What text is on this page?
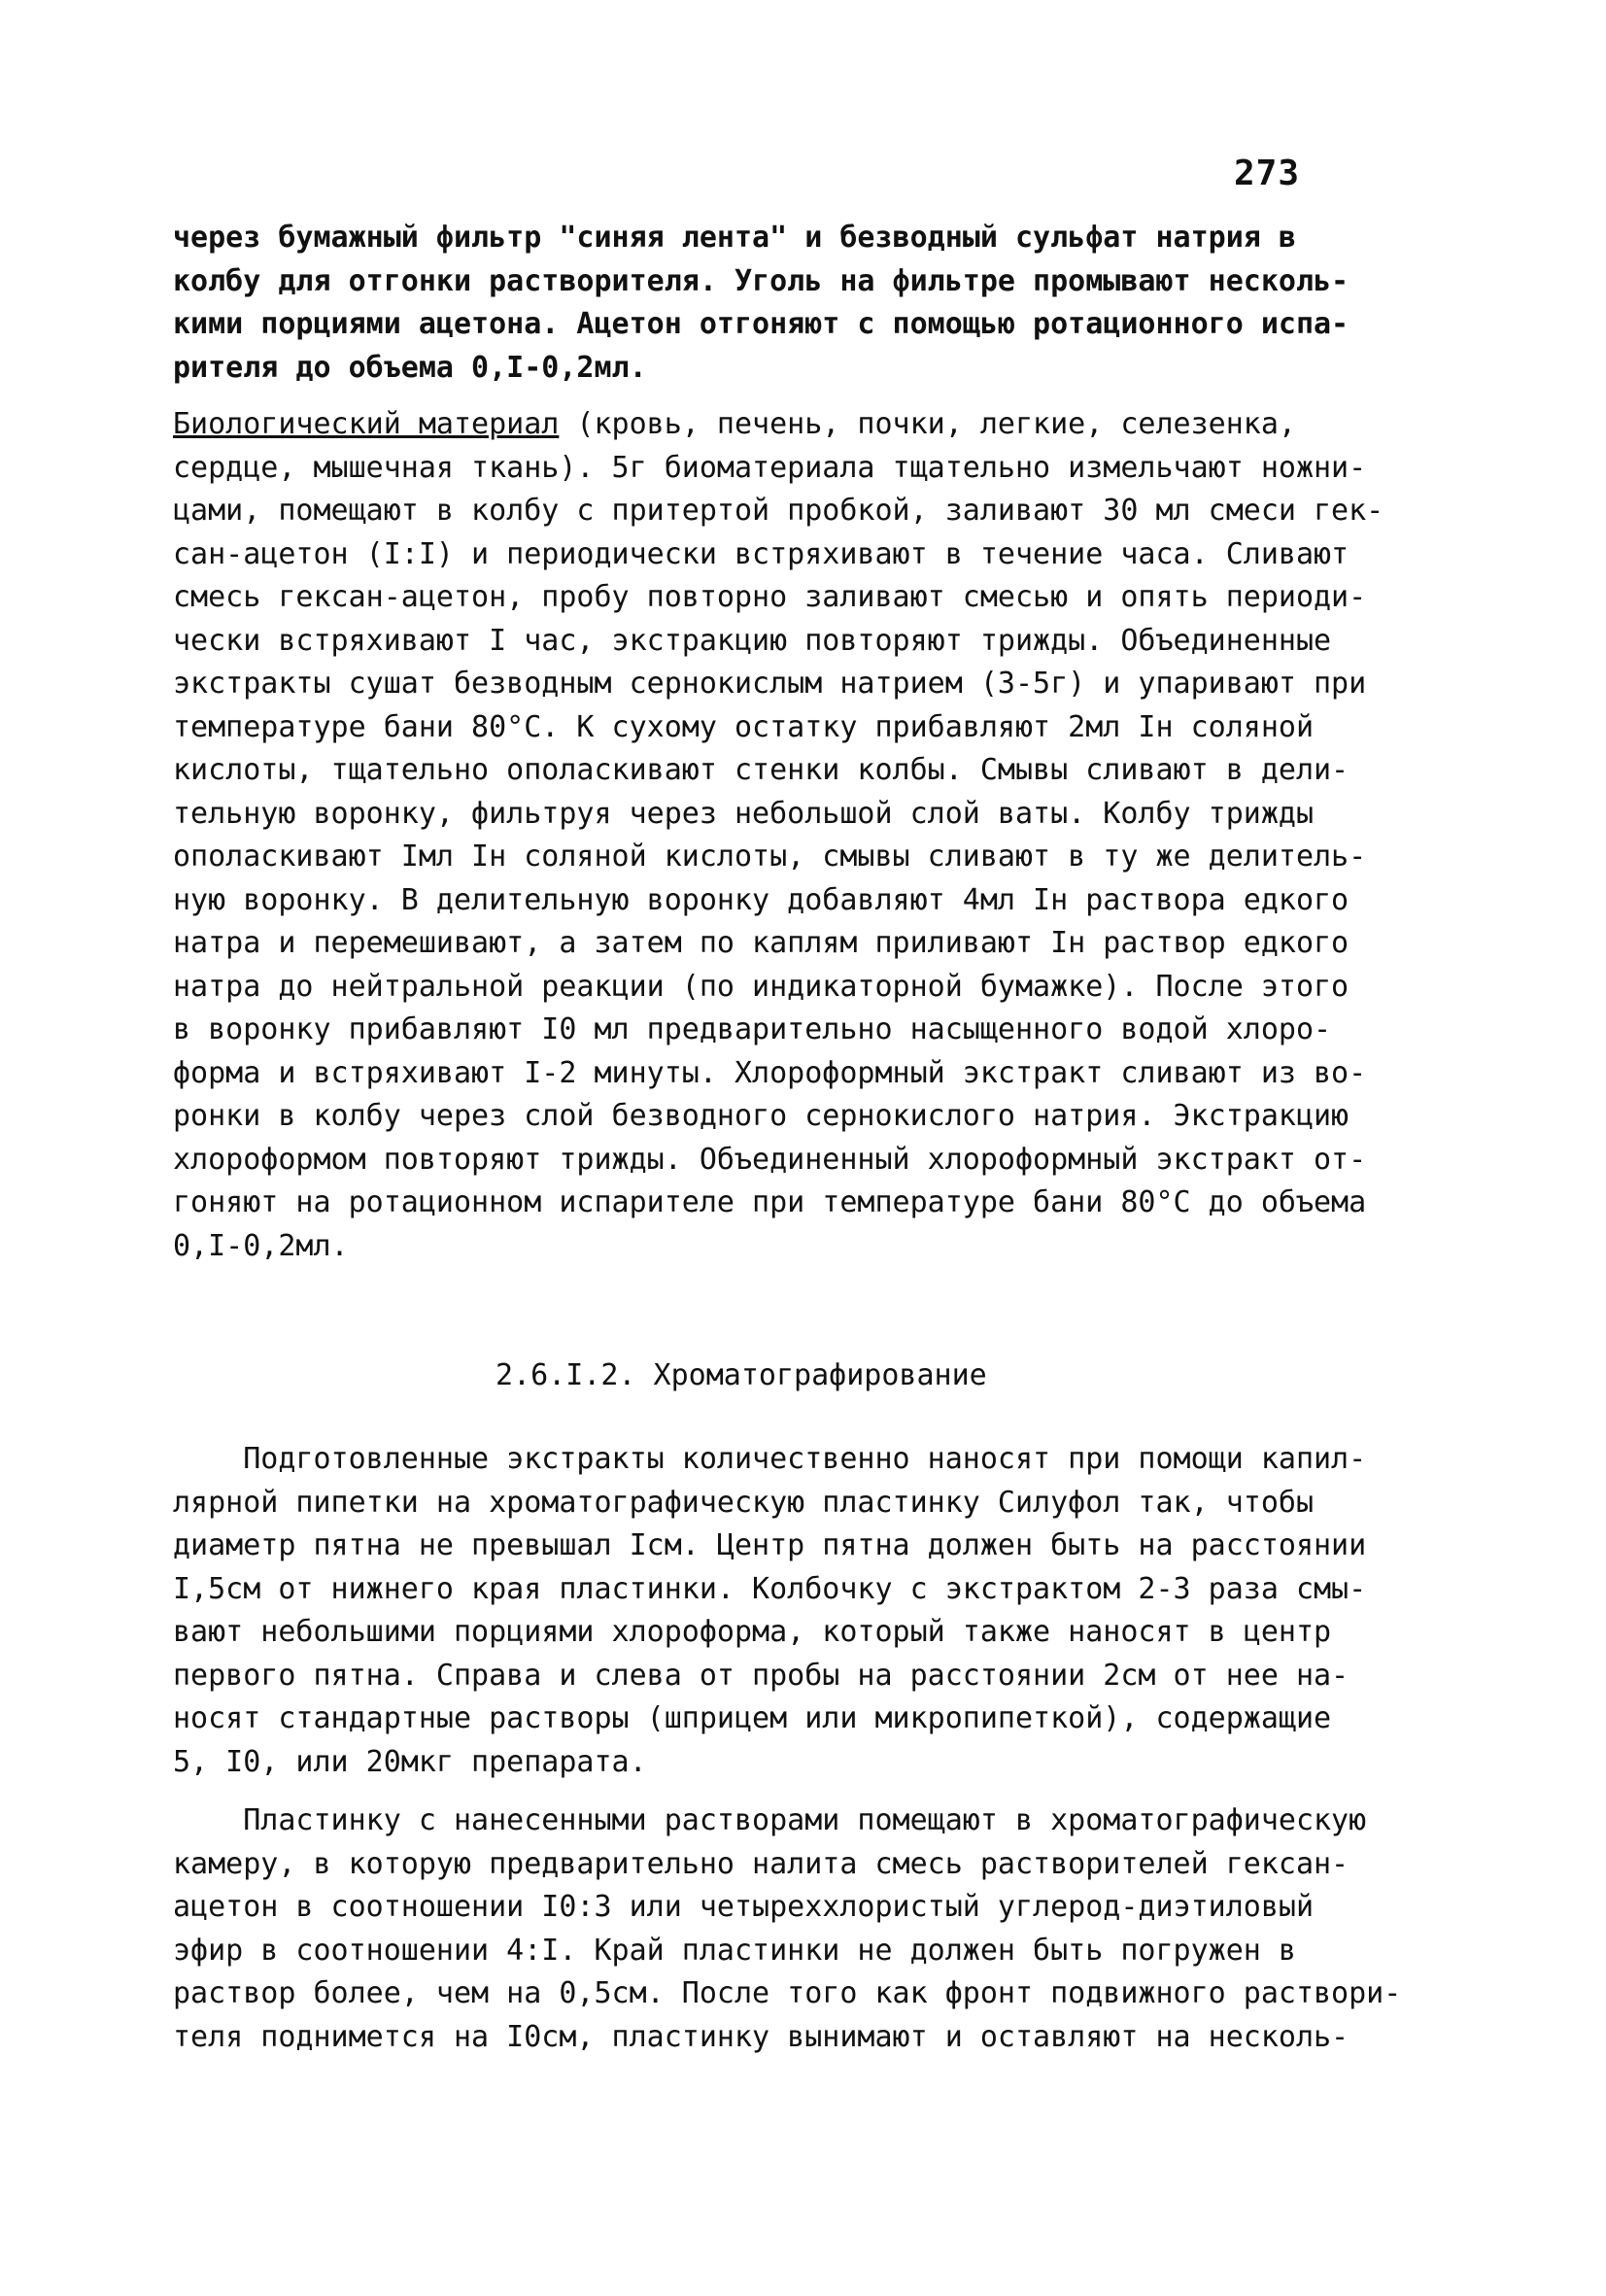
273
через бумажный фильтр "синяя лента" и безводный сульфат натрия в
колбу для отгонки растворителя. Уголь на фильтре промывают несколь-
кими порциями ацетона. Ацетон отгоняют с помощью ротационного испа-
рителя до объема 0,I-0,2мл.
Биологический материал (кровь, печень, почки, легкие, селезенка,
сердце, мышечная ткань). 5г биоматериала тщательно измельчают ножни-
цами, помещают в колбу с притертой пробкой, заливают 30 мл смеси гек-
сан-ацетон (I:I) и периодически встряхивают в течение часа. Сливают
смесь гексан-ацетон, пробу повторно заливают смесью и опять периоди-
чески встряхивают I час, экстракцию повторяют трижды. Объединенные
экстракты сушат безводным сернокислым натрием (3-5г) и упаривают при
температуре бани 80°С. К сухому остатку прибавляют 2мл Iн соляной
кислоты, тщательно ополаскивают стенки колбы. Смывы сливают в дели-
тельную воронку, фильтруя через небольшой слой ваты. Колбу трижды
ополаскивают Iмл Iн соляной кислоты, смывы сливают в ту же делитель-
ную воронку. В делительную воронку добавляют 4мл Iн раствора едкого
натра и перемешивают, а затем по каплям приливают Iн раствор едкого
натра до нейтральной реакции (по индикаторной бумажке). После этого
в воронку прибавляют I0 мл предварительно насыщенного водой хлоро-
форма и встряхивают I-2 минуты. Хлороформный экстракт сливают из во-
ронки в колбу через слой безводного сернокислого натрия. Экстракцию
хлороформом повторяют трижды. Объединенный хлороформный экстракт от-
гоняют на ротационном испарителе при температуре бани 80°С до объема
0,I-0,2мл.
2.6.I.2. Хроматографирование
Подготовленные экстракты количественно наносят при помощи капил-
лярной пипетки на хроматографическую пластинку Силуфол так, чтобы
диаметр пятна не превышал Iсм. Центр пятна должен быть на расстоянии
I,5см от нижнего края пластинки. Колбочку с экстрактом 2-3 раза смы-
вают небольшими порциями хлороформа, который также наносят в центр
первого пятна. Справа и слева от пробы на расстоянии 2см от нее на-
носят стандартные растворы (шприцем или микропипеткой), содержащие
5, I0, или 20мкг препарата.
Пластинку с нанесенными растворами помещают в хроматографическую
камеру, в которую предварительно налита смесь растворителей гексан-
ацетон в соотношении I0:3 или четыреххлористый углерод-диэтиловый
эфир в соотношении 4:I. Край пластинки не должен быть погружен в
раствор более, чем на 0,5см. После того как фронт подвижного раствори-
теля поднимется на I0см, пластинку вынимают и оставляют на несколь-
